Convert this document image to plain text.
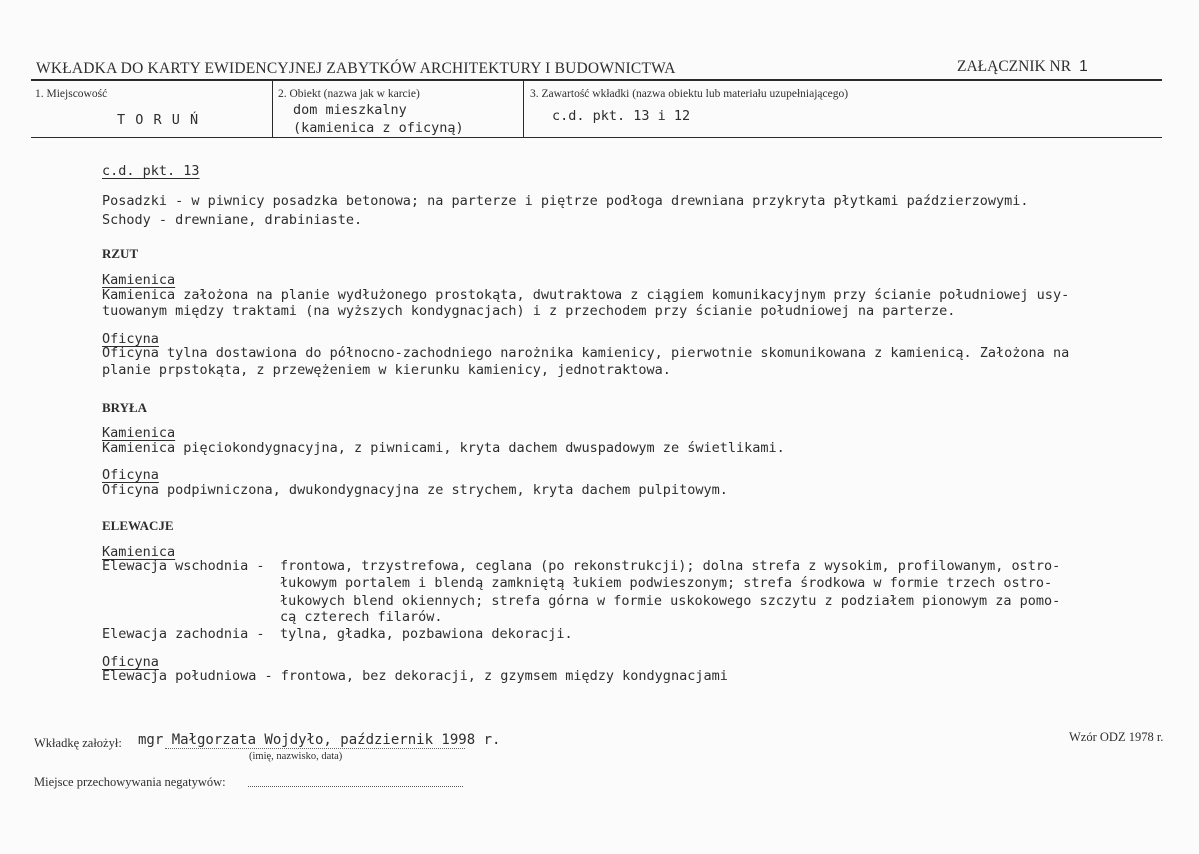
WKŁADKA DO KARTY EWIDENCYJNEJ ZABYTKÓW ARCHITEKTURY I BUDOWNICTWA	ZAŁĄCZNIK NR 1
1. Miejscowość
T O R U Ń
2. Obiekt (nazwa jak w karcie)
dom mieszkalny
(kamienica z oficyną)
3. Zawartość wkładki (nazwa obiektu lub materiału uzupełniającego)
c.d. pkt. 13 i 12
c.d. pkt. 13
Posadzki - w piwnicy posadzka betonowa; na parterze i piętrze podłoga drewniana przykryta płytkami paździerzowymi.
Schody - drewniane, drabiniaste.
RZUT
Kamienica
Kamienica założona na planie wydłużonego prostokąta, dwutraktowa z ciągiem komunikacyjnym przy ścianie południowej usy-
tuowanym między traktami (na wyższych kondygnacjach) i z przechodem przy ścianie południowej na parterze.
Oficyna
Oficyna tylna dostawiona do północno-zachodniego narożnika kamienicy, pierwotnie skomunikowana z kamienicą. Założona na
planie prpstokąta, z przewężeniem w kierunku kamienicy, jednotraktowa.
BRYŁA
Kamienica
Kamienica pięciokondygnacyjna, z piwnicami, kryta dachem dwuspadowym ze świetlikami.
Oficyna
Oficyna podpiwniczona, dwukondygnacyjna ze strychem, kryta dachem pulpitowym.
ELEWACJE
Kamienica
Elewacja wschodnia - frontowa, trzystrefowa, ceglana (po rekonstrukcji); dolna strefa z wysokim, profilowanym, ostro-
łukowym portalem i blendą zamkniętą łukiem podwieszonym; strefa środkowa w formie trzech ostro-
łukowych blend okiennych; strefa górna w formie uskokowego szczytu z podziałem pionowym za pomo-
cą czterech filarów.
Elewacja zachodnia - tylna, gładka, pozbawiona dekoracji.
Oficyna
Elewacja południowa - frontowa, bez dekoracji, z gzymsem między kondygnacjami
Wkładkę założył: mgr Małgorzata Wojdyło, październik 1998 r.
(imię, nazwisko, data)
Wzór ODZ 1978 r.
Miejsce przechowywania negatywów:
